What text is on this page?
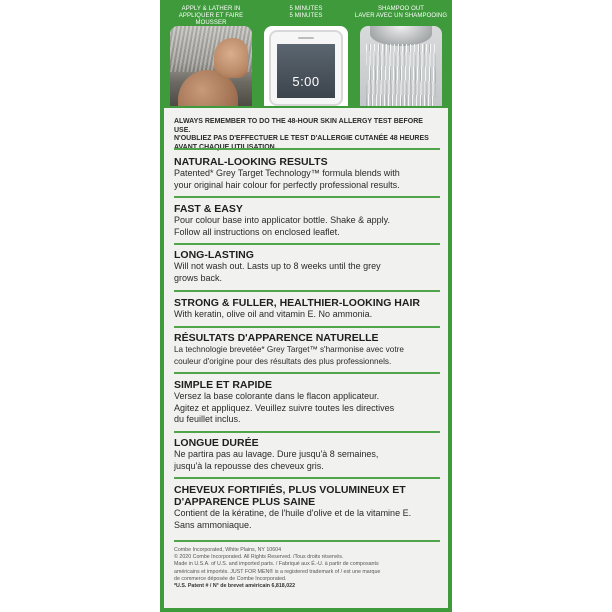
APPLY & LATHER IN
APPLIQUER ET FAIRE MOUSSER
5 MINUTES
5 MINUTES
5:00
SHAMPOO OUT
LAVER AVEC UN SHAMPOOING
ALWAYS REMEMBER TO DO THE 48-HOUR SKIN ALLERGY TEST BEFORE USE.
N'OUBLIEZ PAS D'EFFECTUER LE TEST D'ALLERGIE CUTANÉE 48 HEURES
NATURAL-LOOKING RESULTS
Patented* Grey Target Technology™ formula blends with
your original hair colour for perfectly professional results.
FAST & EASY
Pour colour base into applicator bottle. Shake & apply.
Follow all instructions on enclosed leaflet.
LONG-LASTING
Will not wash out. Lasts up to 8 weeks until the grey
grows back.
STRONG & FULLER, HEALTHIER-LOOKING HAIR
With keratin, olive oil and vitamin E. No ammonia.
RÉSULTATS D'APPARENCE NATURELLE
La technologie brevetée* Grey Target™ s'harmonise avec votre
couleur d'origine pour des résultats des plus professionnels.
SIMPLE ET RAPIDE
Versez la base colorante dans le flacon applicateur.
Agitez et appliquez. Veuillez suivre toutes les directives
du feuillet inclus.
LONGUE DURÉE
Ne partira pas au lavage. Dure jusqu'à 8 semaines,
jusqu'à la repousse des cheveux gris.
CHEVEUX FORTIFIÉS, PLUS VOLUMINEUX ET
D'APPARENCE PLUS SAINE
Contient de la kératine, de l'huile d'olive et de la vitamine E.
Sans ammoniaque.
Combe Incorporated, White Plains, NY 10604
© 2020 Combe Incorporated. All Rights Reserved. /Tous droits réservés.
Made in U.S.A. of U.S. and imported parts. / Fabriqué aux É.-U. à partir de composants
américains et importés. JUST FOR MEN® is a registered trademark of / est une marque
de commerce déposée de Combe Incorporated.
*U.S. Patent # / N° de brevet américain 6,818,022
